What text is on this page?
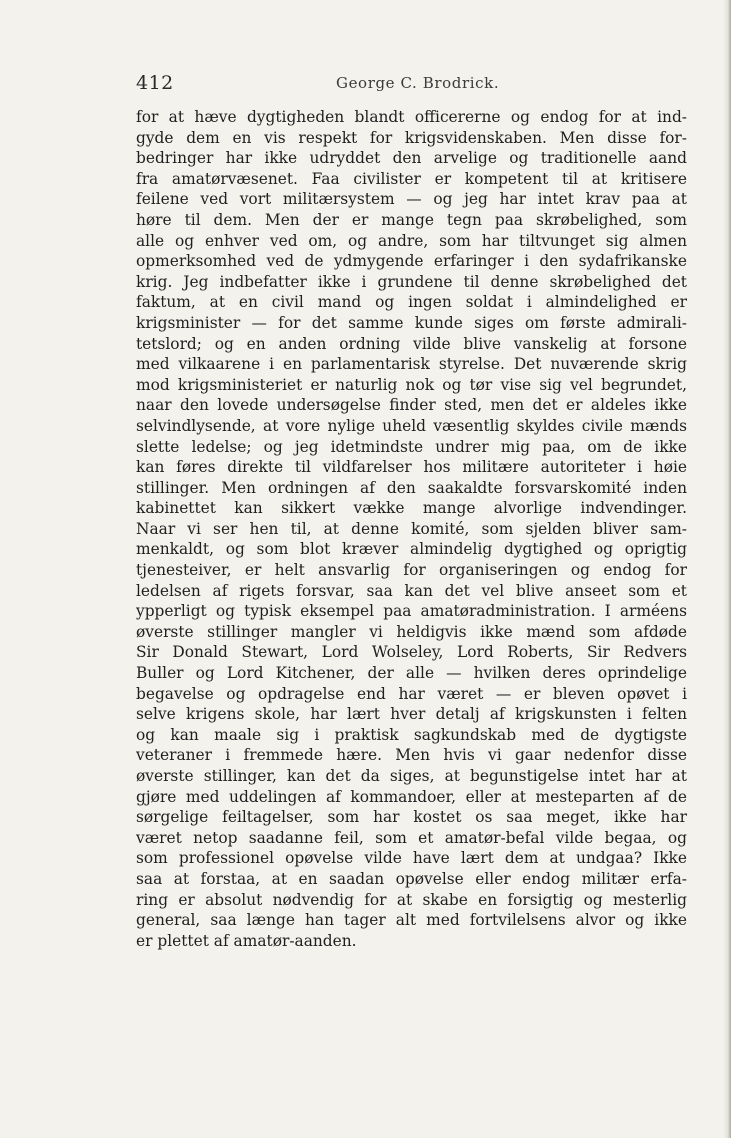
412	George C. Brodrick.
for at hæve dygtigheden blandt officererne og endog for at ind-
gyde dem en vis respekt for krigsvidenskaben. Men disse for-
bedringer har ikke udryddet den arvelige og traditionelle aand
fra amatørvæsenet. Faa civilister er kompetent til at kritisere
feilene ved vort militærsystem — og jeg har intet krav paa at
høre til dem. Men der er mange tegn paa skrøbelighed, som
alle og enhver ved om, og andre, som har tiltvunget sig almen
opmerksomhed ved de ydmygende erfaringer i den sydafrikanske
krig. Jeg indbefatter ikke i grundene til denne skrøbelighed det
faktum, at en civil mand og ingen soldat i almindelighed er
krigsminister — for det samme kunde siges om første admirali-
tetslord; og en anden ordning vilde blive vanskelig at forsone
med vilkaarene i en parlamentarisk styrelse. Det nuværende skrig
mod krigsministeriet er naturlig nok og tør vise sig vel begrundet,
naar den lovede undersøgelse finder sted, men det er aldeles ikke
selvindlysende, at vore nylige uheld væsentlig skyldes civile mænds
slette ledelse; og jeg idetmindste undrer mig paa, om de ikke
kan føres direkte til vildfarelser hos militære autoriteter i høie
stillinger. Men ordningen af den saakaldte forsvarskomité inden
kabinettet kan sikkert vække mange alvorlige indvendinger.
Naar vi ser hen til, at denne komité, som sjelden bliver sam-
menkaldt, og som blot kræver almindelig dygtighed og oprigtig
tjenesteiver, er helt ansvarlig for organiseringen og endog for
ledelsen af rigets forsvar, saa kan det vel blive anseet som et
ypperligt og typisk eksempel paa amatøradministration. I arméens
øverste stillinger mangler vi heldigvis ikke mænd som afdøde
Sir Donald Stewart, Lord Wolseley, Lord Roberts, Sir Redvers
Buller og Lord Kitchener, der alle — hvilken deres oprindelige
begavelse og opdragelse end har været — er bleven opøvet i
selve krigens skole, har lært hver detalj af krigskunsten i felten
og kan maale sig i praktisk sagkundskab med de dygtigste
veteraner i fremmede hære. Men hvis vi gaar nedenfor disse
øverste stillinger, kan det da siges, at begunstigelse intet har at
gjøre med uddelingen af kommandoer, eller at mesteparten af de
sørgelige feiltagelser, som har kostet os saa meget, ikke har
været netop saadanne feil, som et amatør-befal vilde begaa, og
som professionel opøvelse vilde have lært dem at undgaa? Ikke
saa at forstaa, at en saadan opøvelse eller endog militær erfa-
ring er absolut nødvendig for at skabe en forsigtig og mesterlig
general, saa længe han tager alt med fortvilelsens alvor og ikke
er plettet af amatør-aanden.
